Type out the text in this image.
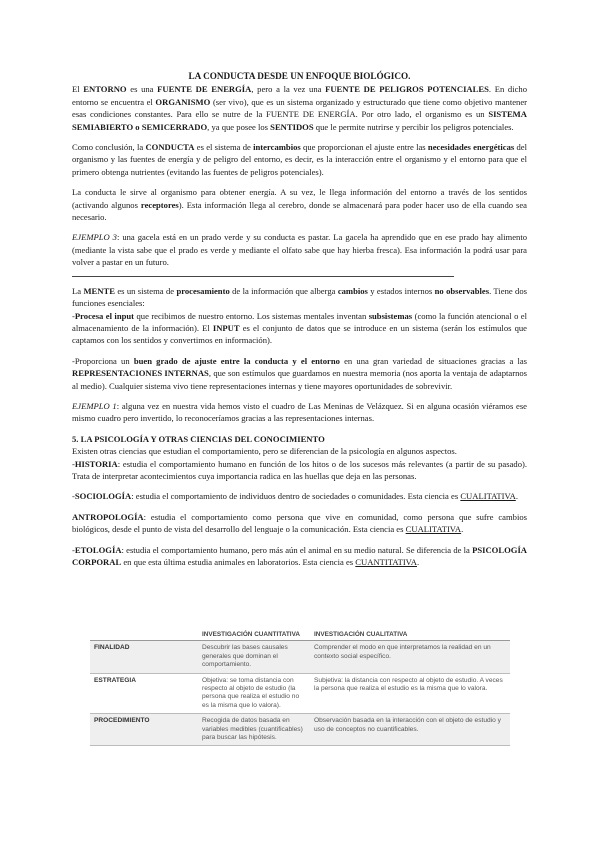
LA CONDUCTA DESDE UN ENFOQUE BIOLÓGICO.

El ENTORNO es una FUENTE DE ENERGÍA, pero a la vez una FUENTE DE PELIGROS POTENCIALES. En dicho entorno se encuentra el ORGANISMO (ser vivo), que es un sistema organizado y estructurado que tiene como objetivo mantener esas condiciones constantes. Para ello se nutre de la FUENTE DE ENERGÍA. Por otro lado, el organismo es un SISTEMA SEMIABIERTO o SEMICERRADO, ya que posee los SENTIDOS que le permite nutrirse y percibir los peligros potenciales.

Como conclusión, la CONDUCTA es el sistema de intercambios que proporcionan el ajuste entre las necesidades energéticas del organismo y las fuentes de energía y de peligro del entorno, es decir, es la interacción entre el organismo y el entorno para que el primero obtenga nutrientes (evitando las fuentes de peligros potenciales).

La conducta le sirve al organismo para obtener energía. A su vez, le llega información del entorno a través de los sentidos (activando algunos receptores). Esta información llega al cerebro, donde se almacenará para poder hacer uso de ella cuando sea necesario.

EJEMPLO 3: una gacela está en un prado verde y su conducta es pastar. La gacela ha aprendido que en ese prado hay alimento (mediante la vista sabe que el prado es verde y mediante el olfato sabe que hay hierba fresca). Esa información la podrá usar para volver a pastar en un futuro.

La MENTE es un sistema de procesamiento de la información que alberga cambios y estados internos no observables. Tiene dos funciones esenciales:

-Procesa el input que recibimos de nuestro entorno. Los sistemas mentales inventan subsistemas (como la función atencional o el almacenamiento de la información). El INPUT es el conjunto de datos que se introduce en un sistema (serán los estímulos que captamos con los sentidos y convertimos en información).

-Proporciona un buen grado de ajuste entre la conducta y el entorno en una gran variedad de situaciones gracias a las REPRESENTACIONES INTERNAS, que son estímulos que guardamos en nuestra memoria (nos aporta la ventaja de adaptarnos al medio). Cualquier sistema vivo tiene representaciones internas y tiene mayores oportunidades de sobrevivir.

EJEMPLO 1: alguna vez en nuestra vida hemos visto el cuadro de Las Meninas de Velázquez. Si en alguna ocasión viéramos ese mismo cuadro pero invertido, lo reconoceríamos gracias a las representaciones internas.

5. LA PSICOLOGÍA Y OTRAS CIENCIAS DEL CONOCIMIENTO

Existen otras ciencias que estudian el comportamiento, pero se diferencian de la psicología en algunos aspectos.

-HISTORIA: estudia el comportamiento humano en función de los hitos o de los sucesos más relevantes (a partir de su pasado). Trata de interpretar acontecimientos cuya importancia radica en las huellas que deja en las personas.

-SOCIOLOGÍA: estudia el comportamiento de individuos dentro de sociedades o comunidades. Esta ciencia es CUALITATIVA.

ANTROPOLOGÍA: estudia el comportamiento como persona que vive en comunidad, como persona que sufre cambios biológicos, desde el punto de vista del desarrollo del lenguaje o la comunicación. Esta ciencia es CUALITATIVA.

-ETOLOGÍA: estudia el comportamiento humano, pero más aún el animal en su medio natural. Se diferencia de la PSICOLOGÍA CORPORAL en que esta última estudia animales en laboratorios. Esta ciencia es CUANTITATIVA.

	INVESTIGACIÓN CUANTITATIVA	INVESTIGACIÓN CUALITATIVA
FINALIDAD	Descubrir las bases causales generales que dominan el comportamiento.	Comprender el modo en que interpretamos la realidad en un contexto social específico.
ESTRATEGIA	Objetiva: se toma distancia con respecto al objeto de estudio (la persona que realiza el estudio no es la misma que lo valora).	Subjetiva: la distancia con respecto al objeto de estudio. A veces la persona que realiza el estudio es la misma que lo valora.
PROCEDIMIENTO	Recogida de datos basada en variables medibles (cuantificables) para buscar las hipótesis.	Observación basada en la interacción con el objeto de estudio y uso de conceptos no cuantificables.
